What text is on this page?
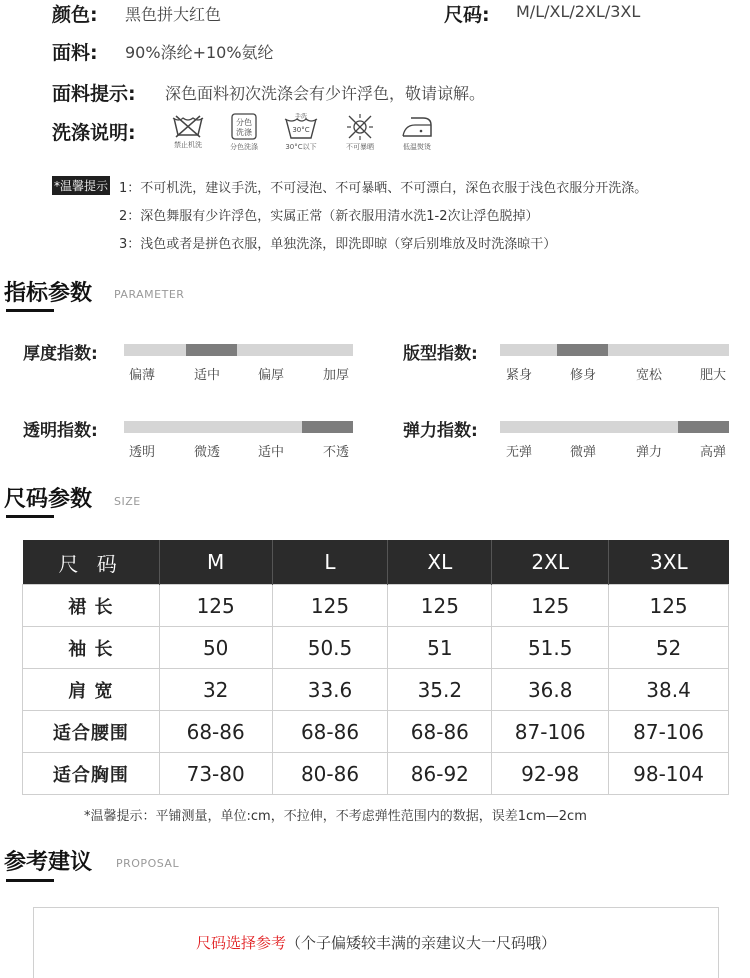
颜色: 黑色拼大红色	尺码: M/L/XL/2XL/3XL
面料: 90%涤纶+10%氨纶
面料提示: 深色面料初次洗涤会有少许浮色，敬请谅解。
洗涤说明:
禁止机洗
分色
洗涤
分色洗涤
手洗
30°C
30°C以下	不可暴晒	低温熨烫
*温馨提示 1：不可机洗，建议手洗，不可浸泡、不可暴晒、不可漂白，深色衣服于浅色衣服分开洗涤。
2：深色舞服有少许浮色，实属正常（新衣服用清水洗1-2次让浮色脱掉）
3：浅色或者是拼色衣服，单独洗涤，即洗即晾（穿后别堆放及时洗涤晾干）
指标参数 PARAMETER
厚度指数:
偏薄	适中	偏厚	加厚
版型指数:
紧身	修身	宽松	肥大
透明指数:
透明	微透	适中	不透
弹力指数:
无弹	微弹	弹力	高弹
尺码参数 SIZE
尺 码	M	L	XL	2XL	3XL
裙 长	125	125	125	125	125
袖 长	50	50.5	51	51.5	52
肩 宽	32	33.6	35.2	36.8	38.4
适合腰围	68-86	68-86	68-86	87-106	87-106
适合胸围	73-80	80-86	86-92	92-98	98-104
*温馨提示：平铺测量，单位:cm，不拉伸，不考虑弹性范围内的数据，误差1cm—2cm
参考建议 PROPOSAL
尺码选择参考（个子偏矮较丰满的亲建议大一尺码哦）
